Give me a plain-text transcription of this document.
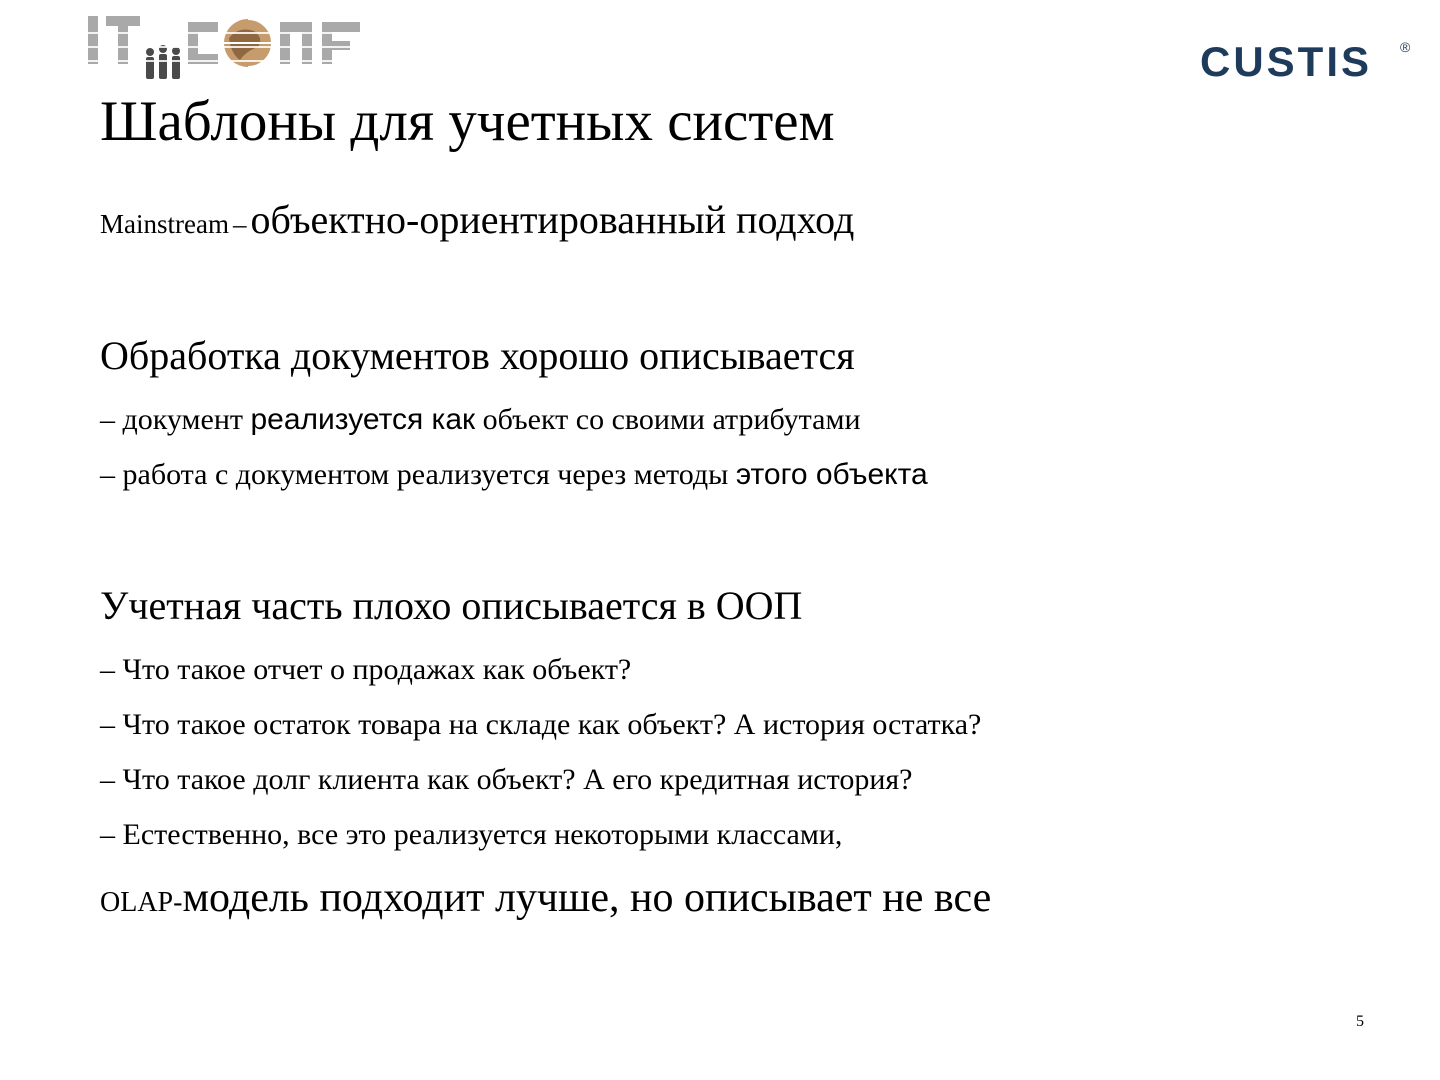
CUSTIS ®
Шаблоны для учетных систем
Mainstream – объектно-ориентированный подход
Обработка документов хорошо описывается
– документ реализуется как объект со своими атрибутами
– работа с документом реализуется через методы этого объекта
Учетная часть плохо описывается в ООП
– Что такое отчет о продажах как объект?
– Что такое остаток товара на складе как объект? А история остатка?
– Что такое долг клиента как объект? А его кредитная история?
– Естественно, все это реализуется некоторыми классами,
OLAP-модель подходит лучше, но описывает не все
5
